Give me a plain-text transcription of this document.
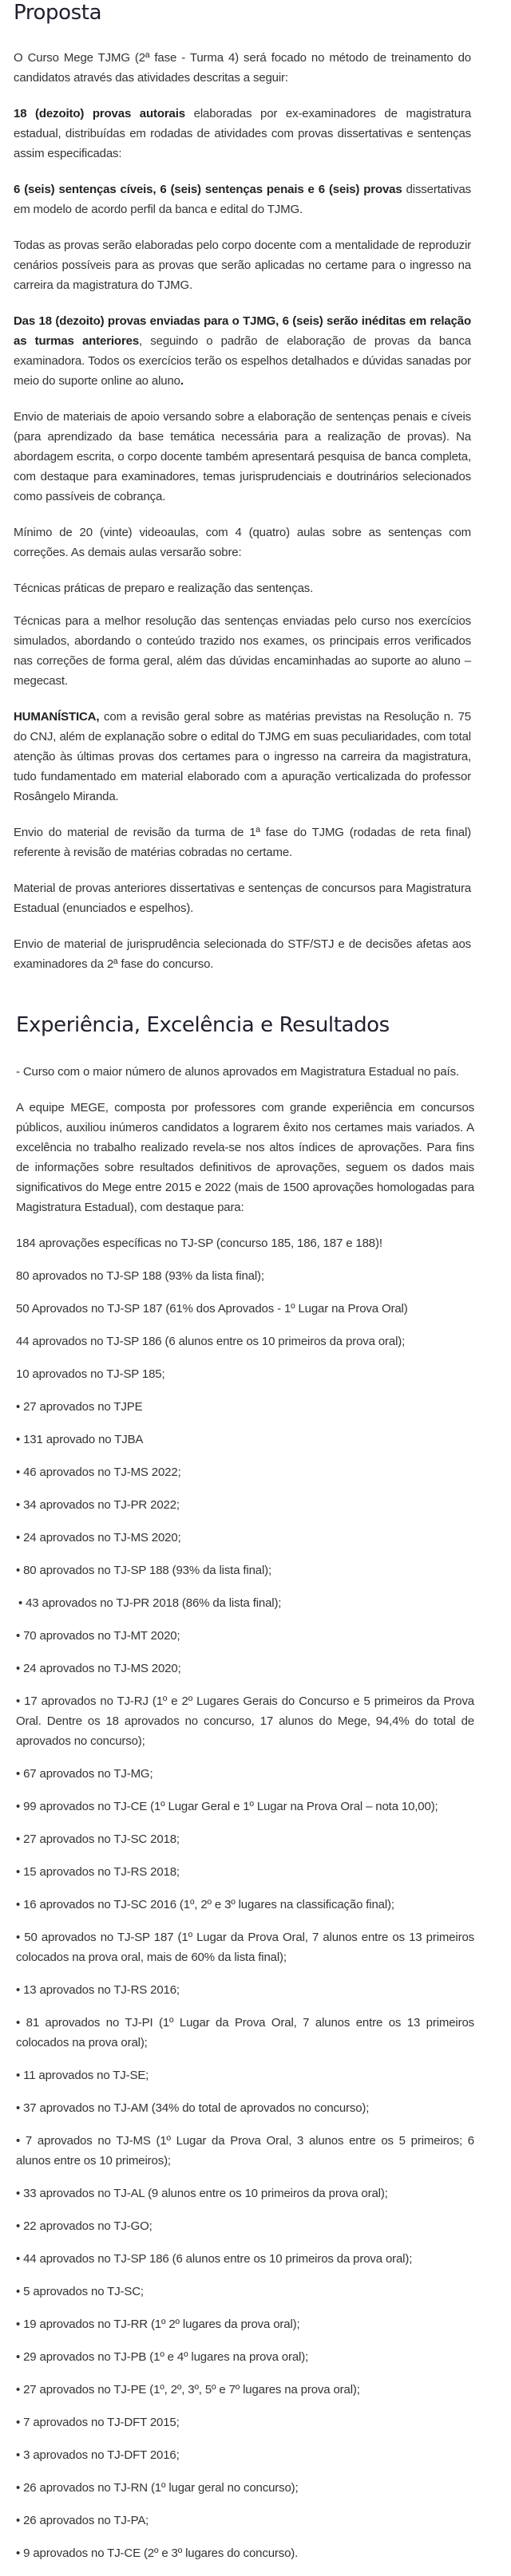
Proposta

O Curso Mege TJMG (2ª fase - Turma 4) será focado no método de treinamento do candidatos através das atividades descritas a seguir:

18 (dezoito) provas autorais elaboradas por ex-examinadores de magistratura estadual, distribuídas em rodadas de atividades com provas dissertativas e sentenças assim especificadas:

6 (seis) sentenças cíveis, 6 (seis) sentenças penais e 6 (seis) provas dissertativas em modelo de acordo perfil da banca e edital do TJMG.

Todas as provas serão elaboradas pelo corpo docente com a mentalidade de reproduzir cenários possíveis para as provas que serão aplicadas no certame para o ingresso na carreira da magistratura do TJMG.

Das 18 (dezoito) provas enviadas para o TJMG, 6 (seis) serão inéditas em relação as turmas anteriores, seguindo o padrão de elaboração de provas da banca examinadora. Todos os exercícios terão os espelhos detalhados e dúvidas sanadas por meio do suporte online ao aluno.

Envio de materiais de apoio versando sobre a elaboração de sentenças penais e cíveis (para aprendizado da base temática necessária para a realização de provas). Na abordagem escrita, o corpo docente também apresentará pesquisa de banca completa, com destaque para examinadores, temas jurisprudenciais e doutrinários selecionados como passíveis de cobrança.

Mínimo de 20 (vinte) videoaulas, com 4 (quatro) aulas sobre as sentenças com correções. As demais aulas versarão sobre:

Técnicas práticas de preparo e realização das sentenças.

Técnicas para a melhor resolução das sentenças enviadas pelo curso nos exercícios simulados, abordando o conteúdo trazido nos exames, os principais erros verificados nas correções de forma geral, além das dúvidas encaminhadas ao suporte ao aluno – megecast.

HUMANÍSTICA, com a revisão geral sobre as matérias previstas na Resolução n. 75 do CNJ, além de explanação sobre o edital do TJMG em suas peculiaridades, com total atenção às últimas provas dos certames para o ingresso na carreira da magistratura, tudo fundamentado em material elaborado com a apuração verticalizada do professor Rosângelo Miranda.

Envio do material de revisão da turma de 1ª fase do TJMG (rodadas de reta final) referente à revisão de matérias cobradas no certame.

Material de provas anteriores dissertativas e sentenças de concursos para Magistratura Estadual (enunciados e espelhos).

Envio de material de jurisprudência selecionada do STF/STJ e de decisões afetas aos examinadores da 2ª fase do concurso.

Experiência, Excelência e Resultados

- Curso com o maior número de alunos aprovados em Magistratura Estadual no país.

A equipe MEGE, composta por professores com grande experiência em concursos públicos, auxiliou inúmeros candidatos a lograrem êxito nos certames mais variados. A excelência no trabalho realizado revela-se nos altos índices de aprovações. Para fins de informações sobre resultados definitivos de aprovações, seguem os dados mais significativos do Mege entre 2015 e 2022 (mais de 1500 aprovações homologadas para Magistratura Estadual), com destaque para:

184 aprovações específicas no TJ-SP (concurso 185, 186, 187 e 188)!
80 aprovados no TJ-SP 188 (93% da lista final);
50 Aprovados no TJ-SP 187 (61% dos Aprovados - 1º Lugar na Prova Oral)
44 aprovados no TJ-SP 186 (6 alunos entre os 10 primeiros da prova oral);
10 aprovados no TJ-SP 185;
• 27 aprovados no TJPE
• 131 aprovado no TJBA
• 46 aprovados no TJ-MS 2022;
• 34 aprovados no TJ-PR 2022;
• 24 aprovados no TJ-MS 2020;
• 80 aprovados no TJ-SP 188 (93% da lista final);
• 43 aprovados no TJ-PR 2018 (86% da lista final);
• 70 aprovados no TJ-MT 2020;
• 24 aprovados no TJ-MS 2020;
• 17 aprovados no TJ-RJ (1º e 2º Lugares Gerais do Concurso e 5 primeiros da Prova Oral. Dentre os 18 aprovados no concurso, 17 alunos do Mege, 94,4% do total de aprovados no concurso);
• 67 aprovados no TJ-MG;
• 99 aprovados no TJ-CE (1º Lugar Geral e 1º Lugar na Prova Oral – nota 10,00);
• 27 aprovados no TJ-SC 2018;
• 15 aprovados no TJ-RS 2018;
• 16 aprovados no TJ-SC 2016 (1º, 2º e 3º lugares na classificação final);
• 50 aprovados no TJ-SP 187 (1º Lugar da Prova Oral, 7 alunos entre os 13 primeiros colocados na prova oral, mais de 60% da lista final);
• 13 aprovados no TJ-RS 2016;
• 81 aprovados no TJ-PI (1º Lugar da Prova Oral, 7 alunos entre os 13 primeiros colocados na prova oral);
• 11 aprovados no TJ-SE;
• 37 aprovados no TJ-AM (34% do total de aprovados no concurso);
• 7 aprovados no TJ-MS (1º Lugar da Prova Oral, 3 alunos entre os 5 primeiros; 6 alunos entre os 10 primeiros);
• 33 aprovados no TJ-AL (9 alunos entre os 10 primeiros da prova oral);
• 22 aprovados no TJ-GO;
• 44 aprovados no TJ-SP 186 (6 alunos entre os 10 primeiros da prova oral);
• 5 aprovados no TJ-SC;
• 19 aprovados no TJ-RR (1º 2º lugares da prova oral);
• 29 aprovados no TJ-PB (1º e 4º lugares na prova oral);
• 27 aprovados no TJ-PE (1º, 2º, 3º, 5º e 7º lugares na prova oral);
• 7 aprovados no TJ-DFT 2015;
• 3 aprovados no TJ-DFT 2016;
• 26 aprovados no TJ-RN (1º lugar geral no concurso);
• 26 aprovados no TJ-PA;
• 9 aprovados no TJ-CE (2º e 3º lugares do concurso).
